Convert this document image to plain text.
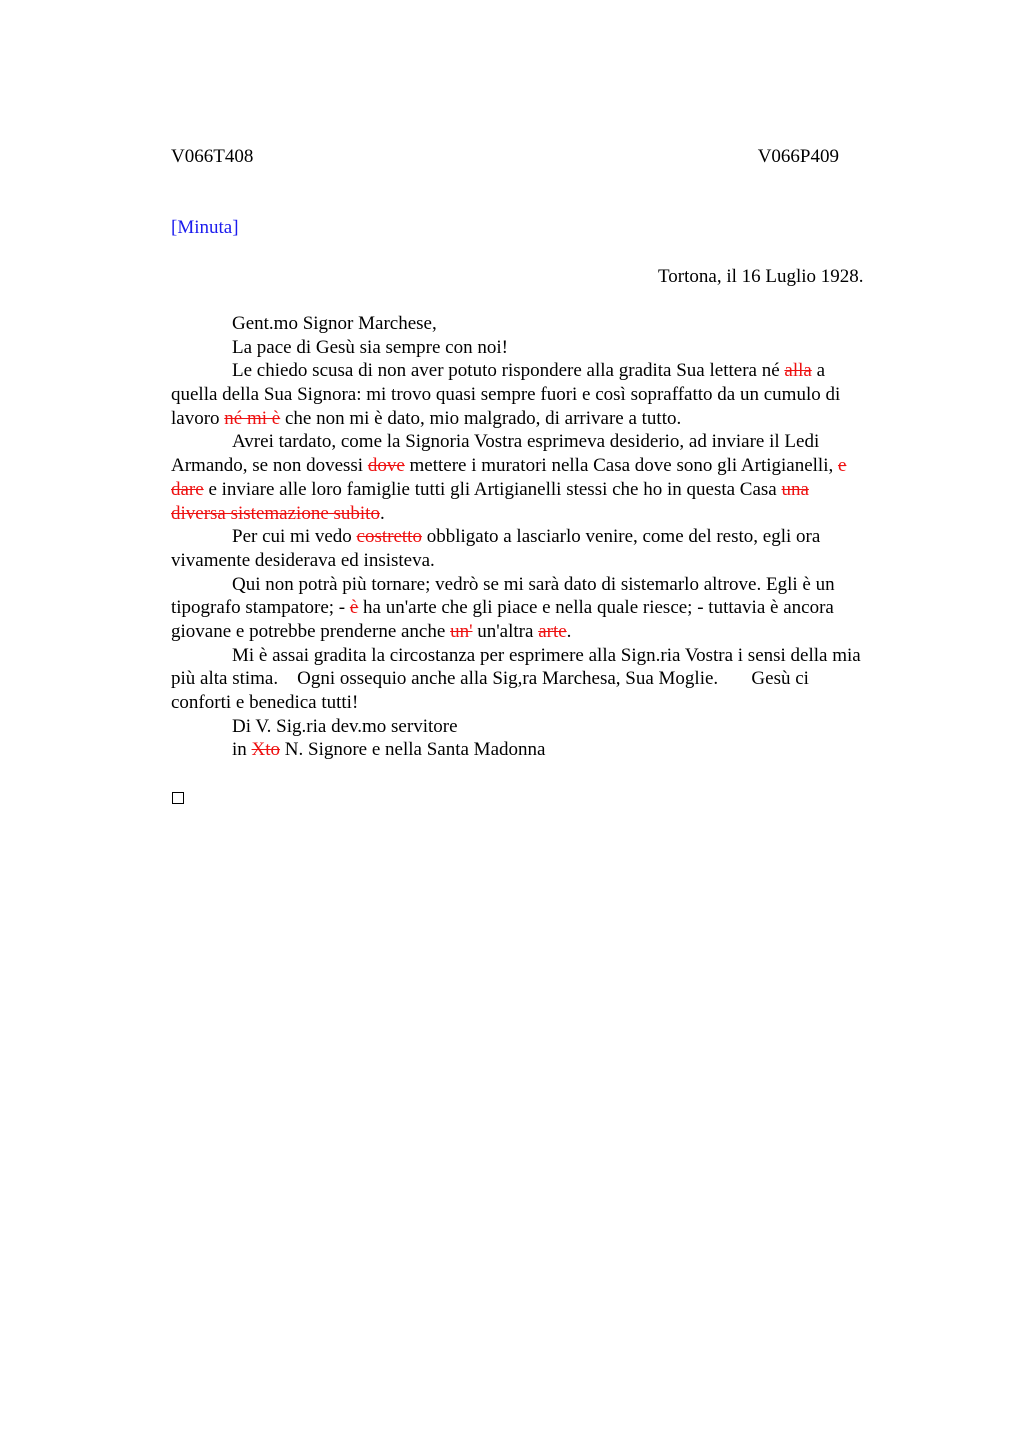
V066T408	V066P409
[Minuta]
Tortona, il 16 Luglio 1928.
Gent.mo Signor Marchese,
La pace di Gesù sia sempre con noi!
Le chiedo scusa di non aver potuto rispondere alla gradita Sua lettera né alla a
quella della Sua Signora: mi trovo quasi sempre fuori e così sopraffatto da un cumulo di
lavoro né mi è che non mi è dato, mio malgrado, di arrivare a tutto.
Avrei tardato, come la Signoria Vostra esprimeva desiderio, ad inviare il Ledi
Armando, se non dovessi dove mettere i muratori nella Casa dove sono gli Artigianelli, e
dare e inviare alle loro famiglie tutti gli Artigianelli stessi che ho in questa Casa una
diversa sistemazione subito.
Per cui mi vedo costretto obbligato a lasciarlo venire, come del resto, egli ora
vivamente desiderava ed insisteva.
Qui non potrà più tornare; vedrò se mi sarà dato di sistemarlo altrove. Egli è un
tipografo stampatore; - è ha un'arte che gli piace e nella quale riesce; - tuttavia è ancora
giovane e potrebbe prenderne anche un' un'altra arte.
Mi è assai gradita la circostanza per esprimere alla Sign.ria Vostra i sensi della mia
più alta stima.    Ogni ossequio anche alla Sig,ra Marchesa, Sua Moglie.       Gesù ci
conforti e benedica tutti!
Di V. Sig.ria dev.mo servitore
in Xto N. Signore e nella Santa Madonna
